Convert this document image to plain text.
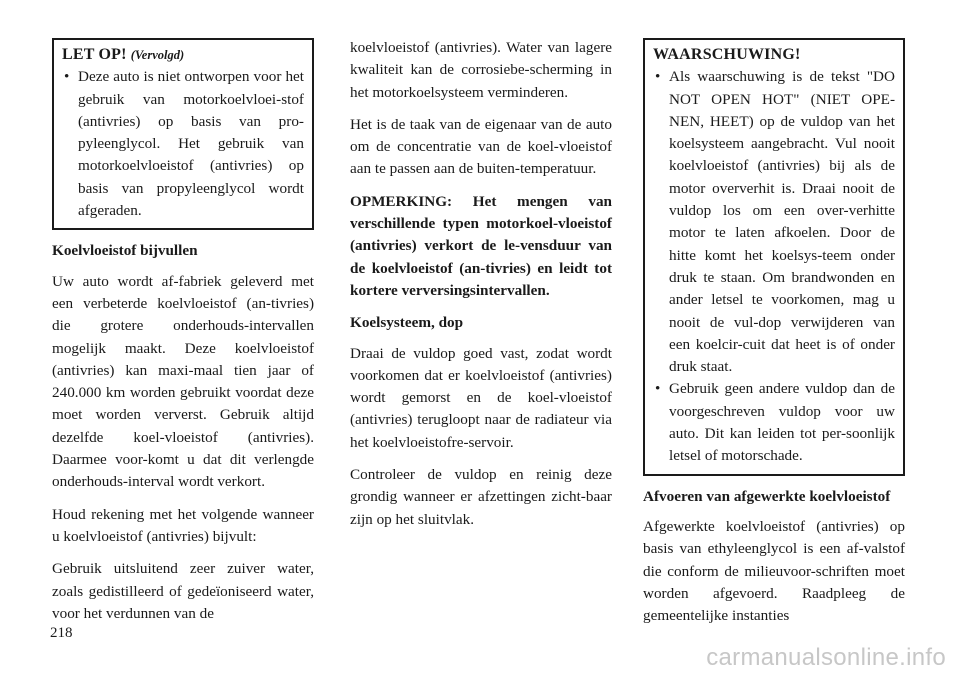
LET OP! (Vervolgd)
• Deze auto is niet ontworpen voor het gebruik van motorkoelvloei-stof (antivries) op basis van pro-pyleenglycol. Het gebruik van motorkoelvloeistof (antivries) op basis van propyleenglycol wordt afgeraden.
Koelvloeistof bijvullen

Uw auto wordt af-fabriek geleverd met een verbeterde koelvloeistof (an-tivries) die grotere onderhouds-intervallen mogelijk maakt. Deze koelvloeistof (antivries) kan maxi-maal tien jaar of 240.000 km worden gebruikt voordat deze moet worden ververst. Gebruik altijd dezelfde koel-vloeistof (antivries). Daarmee voor-komt u dat dit verlengde onderhouds-interval wordt verkort.

Houd rekening met het volgende wanneer u koelvloeistof (antivries) bijvult:

Gebruik uitsluitend zeer zuiver water, zoals gedistilleerd of gedeïoniseerd water, voor het verdunnen van de

koelvloeistof (antivries). Water van lagere kwaliteit kan de corrosiebe-scherming in het motorkoelsysteem verminderen.

Het is de taak van de eigenaar van de auto om de concentratie van de koel-vloeistof aan te passen aan de buiten-temperatuur.

OPMERKING: Het mengen van verschillende typen motorkoel-vloeistof (antivries) verkort de le-vensduur van de koelvloeistof (an-tivries) en leidt tot kortere verversingsintervallen.

Koelsysteem, dop

Draai de vuldop goed vast, zodat wordt voorkomen dat er koelvloeistof (antivries) wordt gemorst en de koel-vloeistof (antivries) terugloopt naar de radiateur via het koelvloeistofre-servoir.

Controleer de vuldop en reinig deze grondig wanneer er afzettingen zicht-baar zijn op het sluitvlak.

WAARSCHUWING!
• Als waarschuwing is de tekst "DO NOT OPEN HOT" (NIET OPE-NEN, HEET) op de vuldop van het koelsysteem aangebracht. Vul nooit koelvloeistof (antivries) bij als de motor oververhit is. Draai nooit de vuldop los om een over-verhitte motor te laten afkoelen. Door de hitte komt het koelsys-teem onder druk te staan. Om brandwonden en ander letsel te voorkomen, mag u nooit de vul-dop verwijderen van een koelcir-cuit dat heet is of onder druk staat.
• Gebruik geen andere vuldop dan de voorgeschreven vuldop voor uw auto. Dit kan leiden tot per-soonlijk letsel of motorschade.
Afvoeren van afgewerkte koelvloeistof

Afgewerkte koelvloeistof (antivries) op basis van ethyleenglycol is een af-valstof die conform de milieuvoor-schriften moet worden afgevoerd. Raadpleeg de gemeentelijke instanties

218
carmanualsonline.info
